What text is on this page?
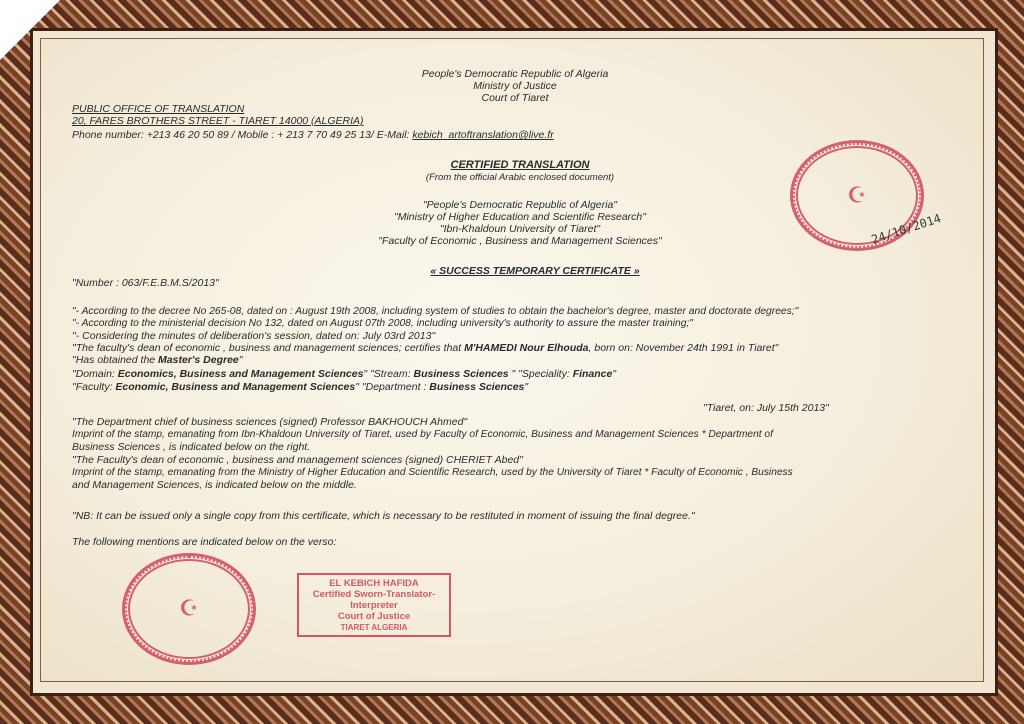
People's Democratic Republic of Algeria
Ministry of Justice
Court of Tiaret
PUBLIC OFFICE OF TRANSLATION
20, FARES BROTHERS STREET - TIARET 14000 (ALGERIA)
Phone number: +213 46 20 50 89 / Mobile : + 213 7 70 49 25 13/ E-Mail: kebich_artoftranslation@live.fr
CERTIFIED TRANSLATION
(From the official Arabic enclosed document)
"People's Democratic Republic of Algeria"
"Ministry of Higher Education and Scientific Research"
"Ibn-Khaldoun University of Tiaret"
"Faculty of Economic , Business and Management Sciences"
« SUCCESS TEMPORARY CERTIFICATE »
"Number : 063/F.E.B.M.S/2013"
"- According to the decree No 265-08, dated on : August 19th 2008, including system of studies to obtain the bachelor's degree, master and doctorate degrees;"
"- According to the ministerial decision No 132, dated on August 07th 2008, including university's authority to assure the master training;"
"- Considering the minutes of deliberation's session, dated on: July 03rd 2013"
"The faculty's dean of economic , business and management sciences; certifies that M'HAMEDI Nour Elhouda, born on: November 24th 1991 in Tiaret"
"Has obtained the Master's Degree"
"Domain: Economics, Business and Management Sciences" "Stream: Business Sciences " "Speciality: Finance"
"Faculty: Economic, Business and Management Sciences" "Department : Business Sciences"
"Tiaret, on: July 15th 2013"
"The Department chief of business sciences (signed) Professor BAKHOUCH Ahmed"
Imprint of the stamp, emanating from Ibn-Khaldoun University of Tiaret, used by Faculty of Economic, Business and Management Sciences * Department of
Business Sciences , is indicated below on the right.
"The Faculty's dean of economic , business and management sciences (signed) CHERIET Abed"
Imprint of the stamp, emanating from the Ministry of Higher Education and Scientific Research, used by the University of Tiaret * Faculty of Economic , Business
and Management Sciences, is indicated below on the middle.
"NB: It can be issued only a single copy from this certificate, which is necessary to be restituted in moment of issuing the final degree."
The following mentions are indicated below on the verso:
☪
24/10/2014
☪
EL KEBICH HAFIDA
Certified Sworn-Translator-
Interpreter
Court of Justice
TIARET ALGERIA
